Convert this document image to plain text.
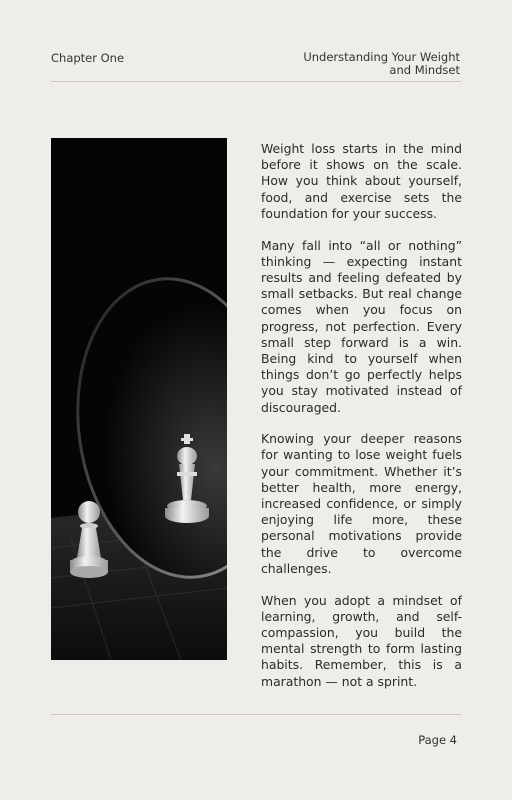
Chapter One	Understanding Your Weight and Mindset

Weight loss starts in the mind before it shows on the scale. How you think about yourself, food, and exercise sets the foundation for your success.

Many fall into “all or nothing” thinking — expecting instant results and feeling defeated by small setbacks. But real change comes when you focus on progress, not perfection. Every small step forward is a win. Being kind to yourself when things don’t go perfectly helps you stay motivated instead of discouraged.

Knowing your deeper reasons for wanting to lose weight fuels your commitment. Whether it’s better health, more energy, increased confidence, or simply enjoying life more, these personal motivations provide the drive to overcome challenges.

When you adopt a mindset of learning, growth, and self-compassion, you build the mental strength to form lasting habits. Remember, this is a marathon — not a sprint.

Page 4
